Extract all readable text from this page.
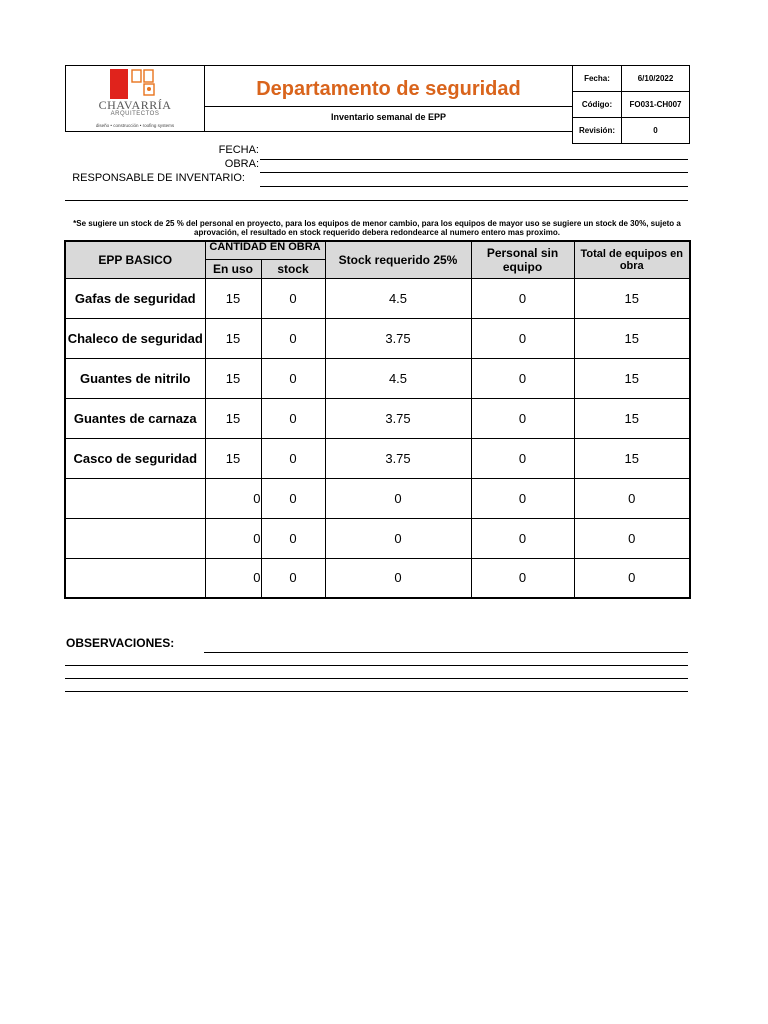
CHAVARRÍA
ARQUITECTOS
diseño • construcción • roofing systems
Departamento de seguridad
Inventario semanal de EPP
Fecha:	6/10/2022
Código:	FO031-CH007
Revisión:	0
FECHA:
OBRA:
RESPONSABLE DE INVENTARIO:
*Se sugiere un stock de 25 % del personal en proyecto, para los equipos de menor cambio, para los equipos de mayor uso se sugiere un stock de 30%, sujeto a aprovación, el resultado en stock requerido debera redondearce al numero entero mas proximo.
EPP BASICO	CANTIDAD EN OBRA		Stock requerido 25%	Personal sin equipo	Total de equipos en obra
	En uso	stock			
Gafas de seguridad	15	0	4.5	0	15
Chaleco de seguridad	15	0	3.75	0	15
Guantes de nitrilo	15	0	4.5	0	15
Guantes de carnaza	15	0	3.75	0	15
Casco de seguridad	15	0	3.75	0	15
	0	0	0	0	0
	0	0	0	0	0
	0	0	0	0	0
OBSERVACIONES:
